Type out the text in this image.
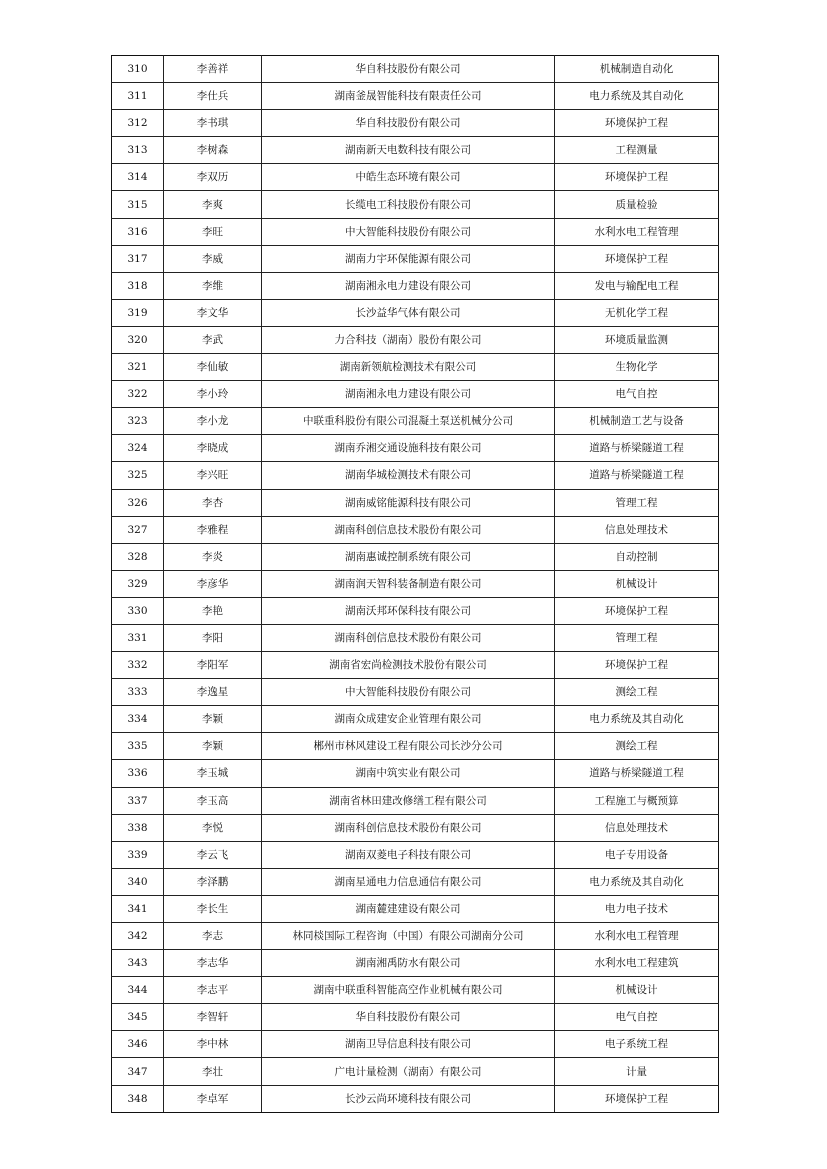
310	李善祥	华自科技股份有限公司	机械制造自动化
311	李仕兵	湖南釜晟智能科技有限责任公司	电力系统及其自动化
312	李书琪	华自科技股份有限公司	环境保护工程
313	李树森	湖南新天电数科技有限公司	工程测量
314	李双历	中皓生态环境有限公司	环境保护工程
315	李爽	长缆电工科技股份有限公司	质量检验
316	李旺	中大智能科技股份有限公司	水利水电工程管理
317	李威	湖南力宇环保能源有限公司	环境保护工程
318	李维	湖南湘永电力建设有限公司	发电与输配电工程
319	李文华	长沙益华气体有限公司	无机化学工程
320	李武	力合科技（湖南）股份有限公司	环境质量监测
321	李仙敏	湖南新领航检测技术有限公司	生物化学
322	李小玲	湖南湘永电力建设有限公司	电气自控
323	李小龙	中联重科股份有限公司混凝土泵送机械分公司	机械制造工艺与设备
324	李晓成	湖南乔湘交通设施科技有限公司	道路与桥梁隧道工程
325	李兴旺	湖南华城检测技术有限公司	道路与桥梁隧道工程
326	李杏	湖南威铭能源科技有限公司	管理工程
327	李雅程	湖南科创信息技术股份有限公司	信息处理技术
328	李炎	湖南惠诚控制系统有限公司	自动控制
329	李彦华	湖南润天智科装备制造有限公司	机械设计
330	李艳	湖南沃邦环保科技有限公司	环境保护工程
331	李阳	湖南科创信息技术股份有限公司	管理工程
332	李阳军	湖南省宏尚检测技术股份有限公司	环境保护工程
333	李逸星	中大智能科技股份有限公司	测绘工程
334	李颖	湖南众成建安企业管理有限公司	电力系统及其自动化
335	李颖	郴州市林风建设工程有限公司长沙分公司	测绘工程
336	李玉城	湖南中筑实业有限公司	道路与桥梁隧道工程
337	李玉高	湖南省林田建改修缮工程有限公司	工程施工与概预算
338	李悦	湖南科创信息技术股份有限公司	信息处理技术
339	李云飞	湖南双菱电子科技有限公司	电子专用设备
340	李泽鹏	湖南星通电力信息通信有限公司	电力系统及其自动化
341	李长生	湖南麓建建设有限公司	电力电子技术
342	李志	林同棪国际工程咨询（中国）有限公司湖南分公司	水利水电工程管理
343	李志华	湖南湘禹防水有限公司	水利水电工程建筑
344	李志平	湖南中联重科智能高空作业机械有限公司	机械设计
345	李智轩	华自科技股份有限公司	电气自控
346	李中林	湖南卫导信息科技有限公司	电子系统工程
347	李壮	广电计量检测（湖南）有限公司	计量
348	李卓军	长沙云尚环境科技有限公司	环境保护工程
